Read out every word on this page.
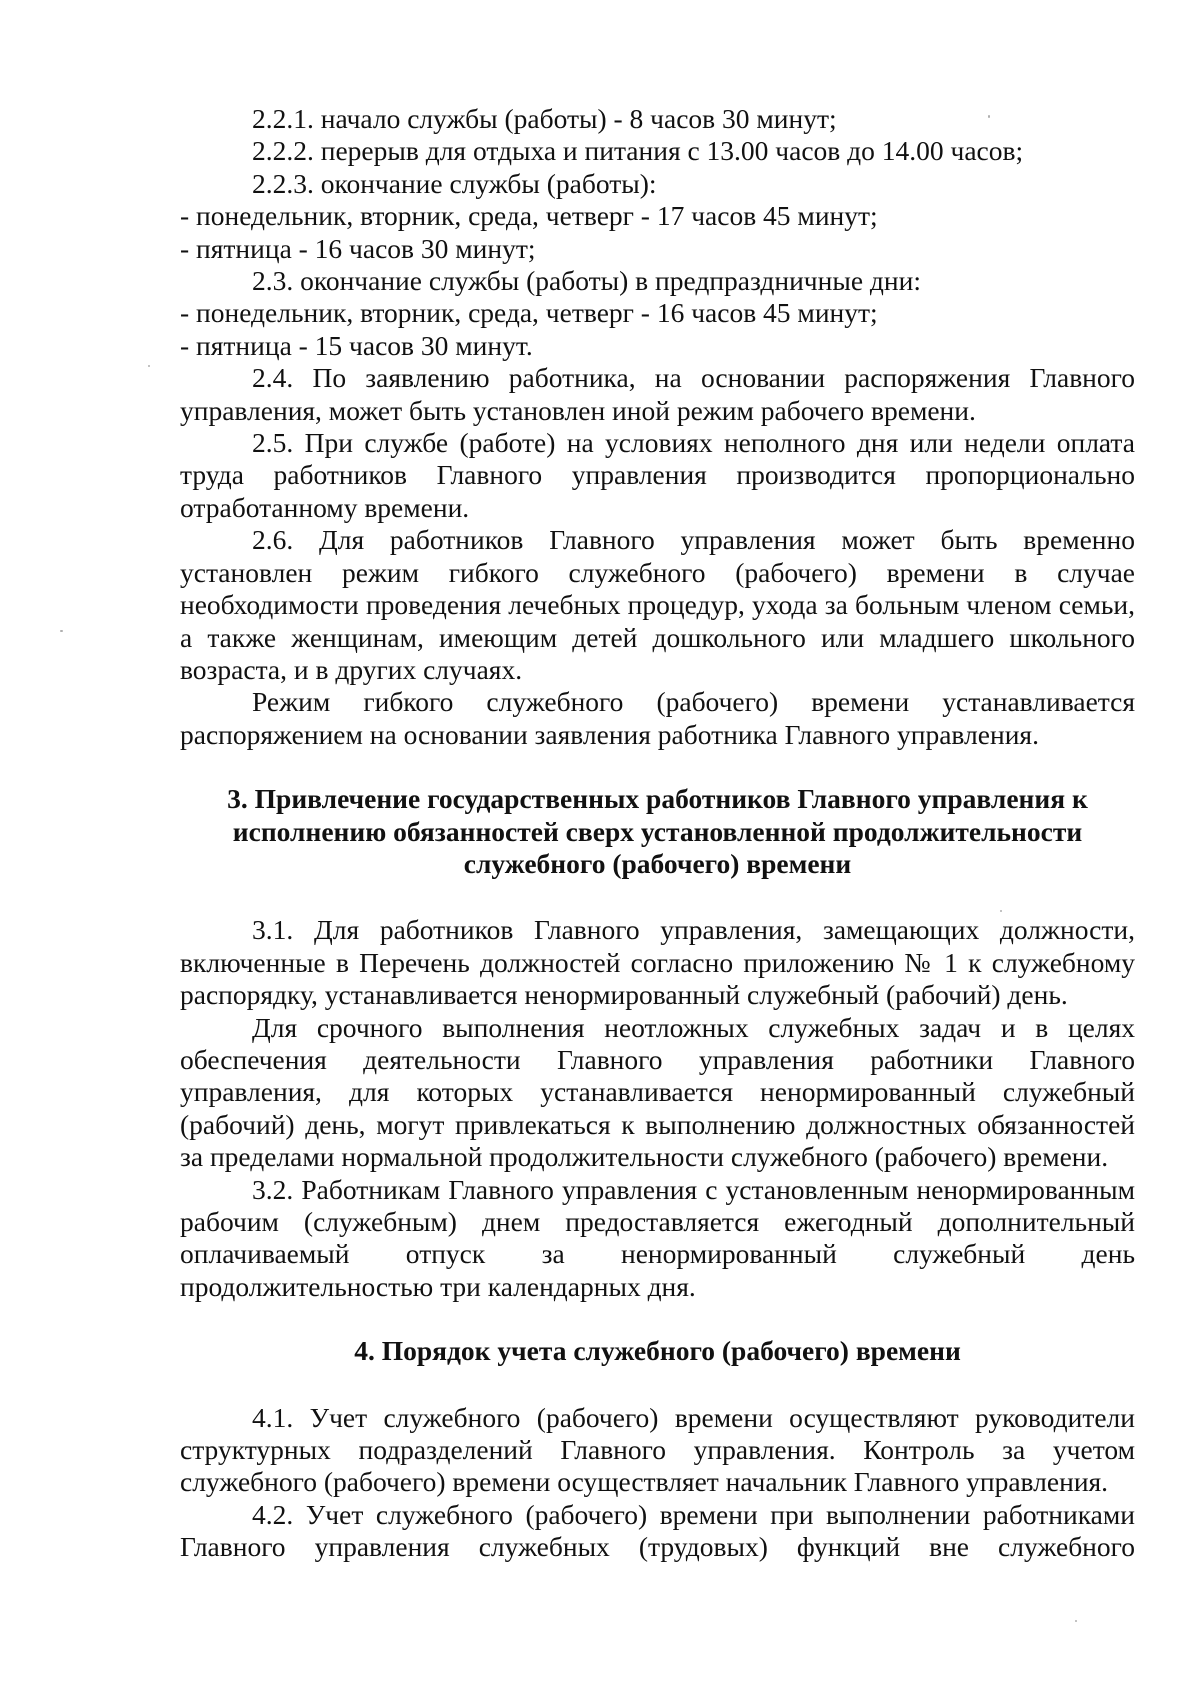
2.2.1. начало службы (работы) - 8 часов 30 минут;

2.2.2. перерыв для отдыха и питания с 13.00 часов до 14.00 часов;

2.2.3. окончание службы (работы):

- понедельник, вторник, среда, четверг - 17 часов 45 минут;

- пятница - 16 часов 30 минут;

2.3. окончание службы (работы) в предпраздничные дни:

- понедельник, вторник, среда, четверг - 16 часов 45 минут;

- пятница - 15 часов 30 минут.

2.4. По заявлению работника, на основании распоряжения Главного управления, может быть установлен иной режим рабочего времени.

2.5. При службе (работе) на условиях неполного дня или недели оплата труда работников Главного управления производится пропорционально отработанному времени.

2.6. Для работников Главного управления может быть временно установлен режим гибкого служебного (рабочего) времени в случае необходимости проведения лечебных процедур, ухода за больным членом семьи, а также женщинам, имеющим детей дошкольного или младшего школьного возраста, и в других случаях.

Режим гибкого служебного (рабочего) времени устанавливается распоряжением на основании заявления работника Главного управления.

3. Привлечение государственных работников Главного управления к
исполнению обязанностей сверх установленной продолжительности
служебного (рабочего) времени

3.1. Для работников Главного управления, замещающих должности, включенные в Перечень должностей согласно приложению № 1 к служебному распорядку, устанавливается ненормированный служебный (рабочий) день.

Для срочного выполнения неотложных служебных задач и в целях обеспечения деятельности Главного управления работники Главного управления, для которых устанавливается ненормированный служебный (рабочий) день, могут привлекаться к выполнению должностных обязанностей за пределами нормальной продолжительности служебного (рабочего) времени.

3.2. Работникам Главного управления с установленным ненормированным рабочим (служебным) днем предоставляется ежегодный дополнительный оплачиваемый отпуск за ненормированный служебный день продолжительностью три календарных дня.

4. Порядок учета служебного (рабочего) времени

4.1. Учет служебного (рабочего) времени осуществляют руководители структурных подразделений Главного управления. Контроль за учетом служебного (рабочего) времени осуществляет начальник Главного управления.

4.2. Учет служебного (рабочего) времени при выполнении работниками Главного управления служебных (трудовых) функций вне служебного
